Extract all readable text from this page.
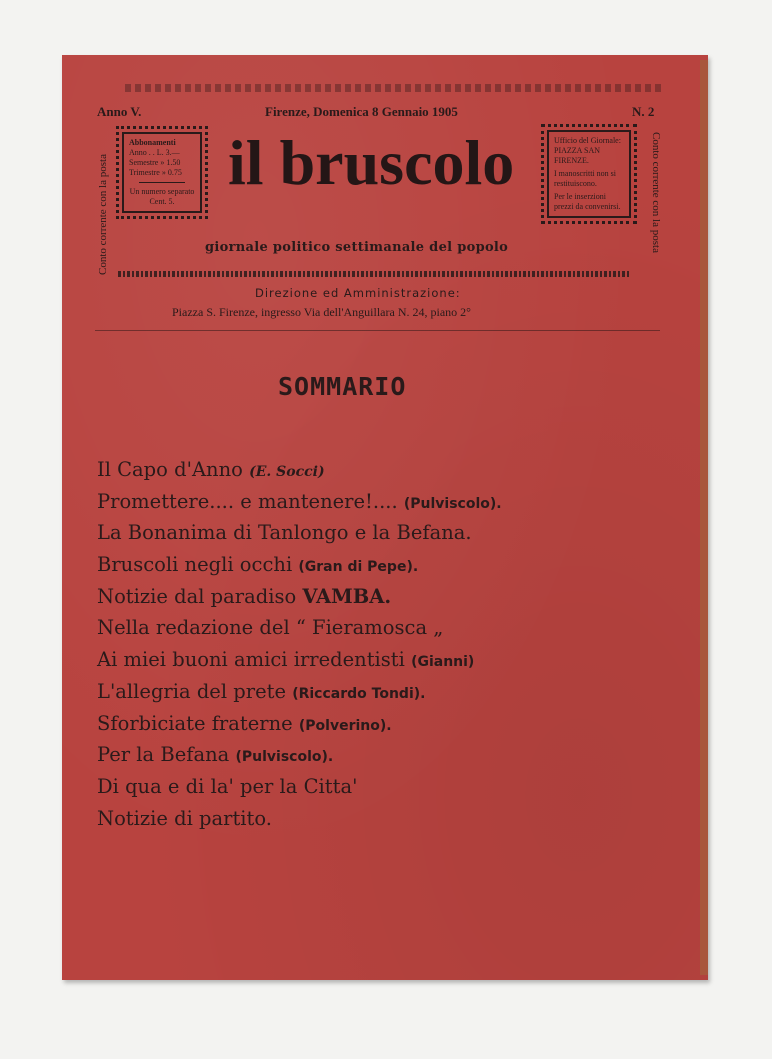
Anno V.	Firenze, Domenica 8 Gennaio 1905	N. 2
Conto corrente con la posta	Conto corrente con la posta
Abbonamenti
Anno . . L. 3.—
Semestre » 1.50
Trimestre » 0.75
Un numero separato Cent. 5.
il bruscolo	Ufficio del Giornale: PIAZZA SAN FIRENZE.
I manoscritti non si restituiscono.
Per le inserzioni prezzi da convenirsi.
giornale politico settimanale del popolo
Direzione ed Amministrazione:
Piazza S. Firenze, ingresso Via dell'Anguillara N. 24, piano 2°
SOMMARIO
Il Capo d'Anno (E. Socci)
Promettere.... e mantenere!.... (Pulviscolo).
La Bonanima di Tanlongo e la Befana.
Bruscoli negli occhi (Gran di Pepe).
Notizie dal paradiso VAMBA.
Nella redazione del “ Fieramosca „
Ai miei buoni amici irredentisti (Gianni)
L'allegria del prete (Riccardo Tondi).
Sforbiciate fraterne (Polverino).
Per la Befana (Pulviscolo).
Di qua e di la' per la Citta'
Notizie di partito.
